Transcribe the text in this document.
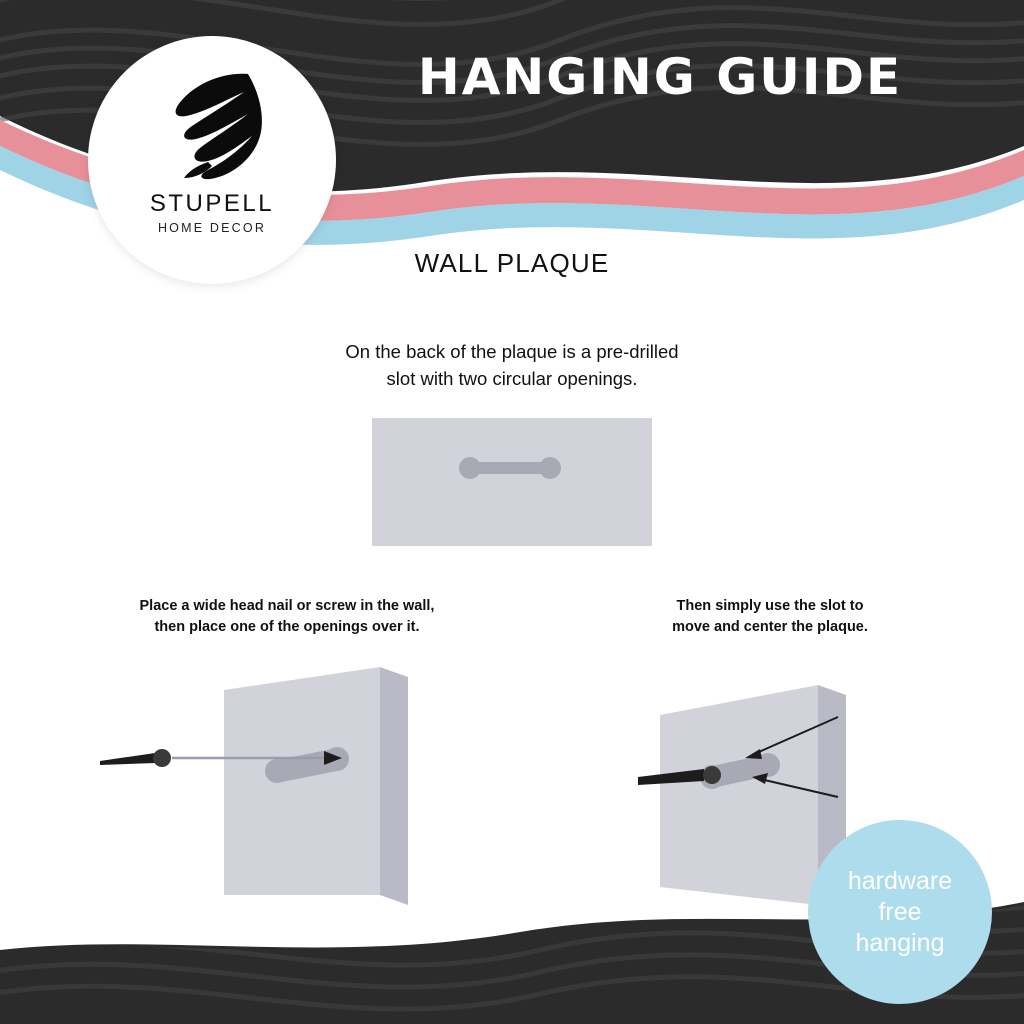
HANGING GUIDE
STUPELL
HOME DECOR
WALL PLAQUE
On the back of the plaque is a pre-drilled
slot with two circular openings.
Place a wide head nail or screw in the wall,
then place one of the openings over it.
Then simply use the slot to
move and center the plaque.
hardware
free
hanging
